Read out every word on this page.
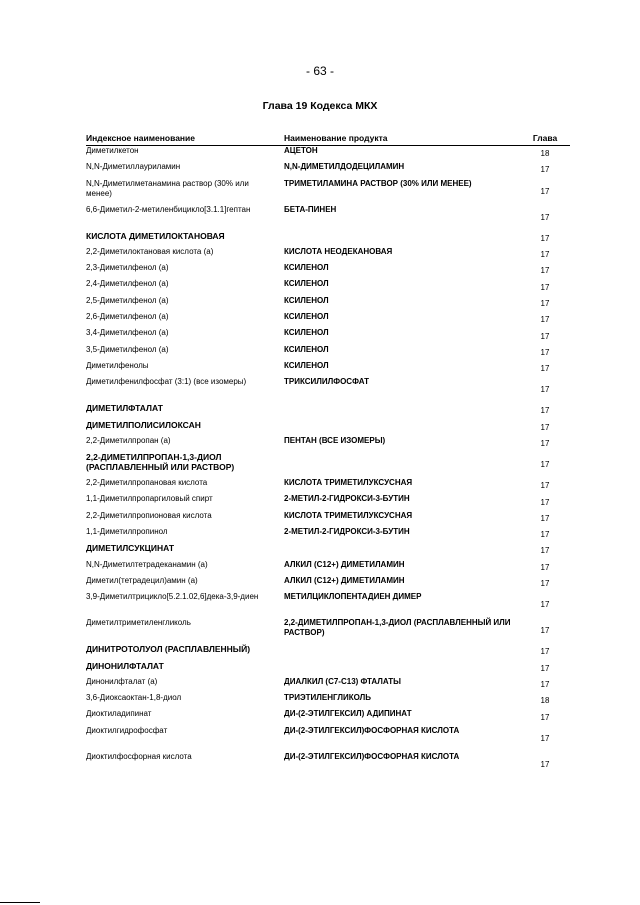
- 63 -
Глава 19 Кодекса МКХ
Индексное наименование	Наименование продукта	Глава
Диметилкетон	АЦЕТОН	18
N,N-Диметиллауриламин	N,N-ДИМЕТИЛДОДЕЦИЛАМИН	17
N,N-Диметилметанамина раствор (30% или менее)	ТРИМЕТИЛАМИНА РАСТВОР (30% ИЛИ МЕНЕЕ)	17
6,6-Диметил-2-метиленбицикло[3.1.1]гептан	БЕТА-ПИНЕН	17
КИСЛОТА ДИМЕТИЛОКТАНОВАЯ		17
2,2-Диметилоктановая кислота (а)	КИСЛОТА НЕОДЕКАНОВАЯ	17
2,3-Диметилфенол (а)	КСИЛЕНОЛ	17
2,4-Диметилфенол (а)	КСИЛЕНОЛ	17
2,5-Диметилфенол (а)	КСИЛЕНОЛ	17
2,6-Диметилфенол (а)	КСИЛЕНОЛ	17
3,4-Диметилфенол (а)	КСИЛЕНОЛ	17
3,5-Диметилфенол (а)	КСИЛЕНОЛ	17
Диметилфенолы	КСИЛЕНОЛ	17
Диметилфенилфосфат (3:1) (все изомеры)	ТРИКСИЛИЛФОСФАТ	17
ДИМЕТИЛФТАЛАТ		17
ДИМЕТИЛПОЛИСИЛОКСАН		17
2,2-Диметилпропан (а)	ПЕНТАН (ВСЕ ИЗОМЕРЫ)	17
2,2-ДИМЕТИЛПРОПАН-1,3-ДИОЛ (РАСПЛАВЛЕННЫЙ ИЛИ РАСТВОР)		17
2,2-Диметилпропановая кислота	КИСЛОТА ТРИМЕТИЛУКСУСНАЯ	17
1,1-Диметилпропаргиловый спирт	2-МЕТИЛ-2-ГИДРОКСИ-3-БУТИН	17
2,2-Диметилпропионовая кислота	КИСЛОТА ТРИМЕТИЛУКСУСНАЯ	17
1,1-Диметилпропинол	2-МЕТИЛ-2-ГИДРОКСИ-3-БУТИН	17
ДИМЕТИЛСУКЦИНАТ		17
N,N-Диметилтетрадеканамин (а)	АЛКИЛ (C12+) ДИМЕТИЛАМИН	17
Диметил(тетрадецил)амин (а)	АЛКИЛ (C12+) ДИМЕТИЛАМИН	17
3,9-Диметилтрицикло[5.2.1.02,6]дека-3,9-диен	МЕТИЛЦИКЛОПЕНТАДИЕН ДИМЕР	17
Диметилтриметиленгликоль	2,2-ДИМЕТИЛПРОПАН-1,3-ДИОЛ (РАСПЛАВЛЕННЫЙ ИЛИ РАСТВОР)	17
ДИНИТРОТОЛУОЛ (РАСПЛАВЛЕННЫЙ)		17
ДИНОНИЛФТАЛАТ		17
Динонилфталат (а)	ДИАЛКИЛ (C7-C13) ФТАЛАТЫ	17
3,6-Диоксаоктан-1,8-диол	ТРИЭТИЛЕНГЛИКОЛЬ	18
Диоктиладипинат	ДИ-(2-ЭТИЛГЕКСИЛ) АДИПИНАТ	17
Диоктилгидрофосфат	ДИ-(2-ЭТИЛГЕКСИЛ)ФОСФОРНАЯ КИСЛОТА	17
Диоктилфосфорная кислота	ДИ-(2-ЭТИЛГЕКСИЛ)ФОСФОРНАЯ КИСЛОТА	17
